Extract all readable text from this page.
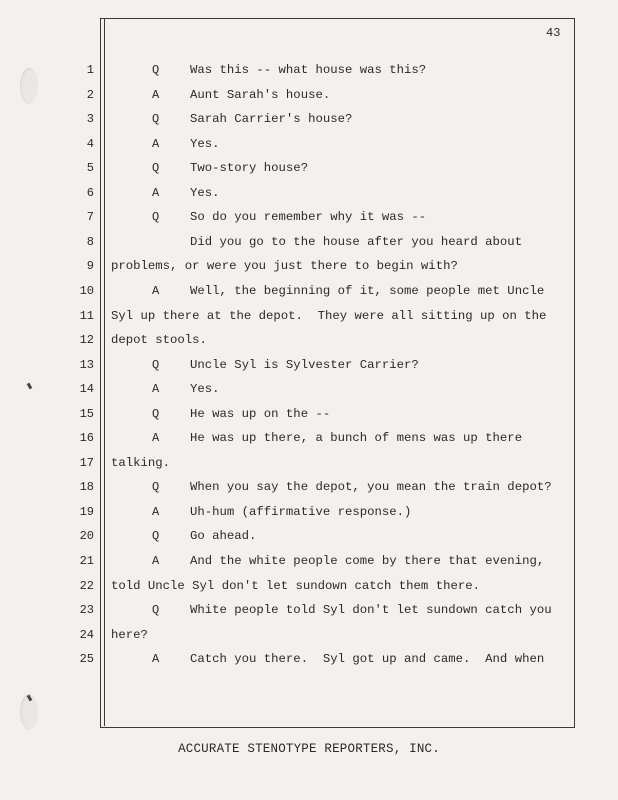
43
1	Q	Was this -- what house was this?
2	A	Aunt Sarah's house.
3	Q	Sarah Carrier's house?
4	A	Yes.
5	Q	Two-story house?
6	A	Yes.
7	Q	So do you remember why it was --
8	Did you go to the house after you heard about
9 problems, or were you just there to begin with?
10	A	Well, the beginning of it, some people met Uncle
11 Syl up there at the depot.  They were all sitting up on the
12 depot stools.
13	Q	Uncle Syl is Sylvester Carrier?
14	A	Yes.
15	Q	He was up on the --
16	A	He was up there, a bunch of mens was up there
17 talking.
18	Q	When you say the depot, you mean the train depot?
19	A	Uh-hum (affirmative response.)
20	Q	Go ahead.
21	A	And the white people come by there that evening,
22 told Uncle Syl don't let sundown catch them there.
23	Q	White people told Syl don't let sundown catch you
24 here?
25	A	Catch you there.  Syl got up and came.  And when
ACCURATE STENOTYPE REPORTERS, INC.
